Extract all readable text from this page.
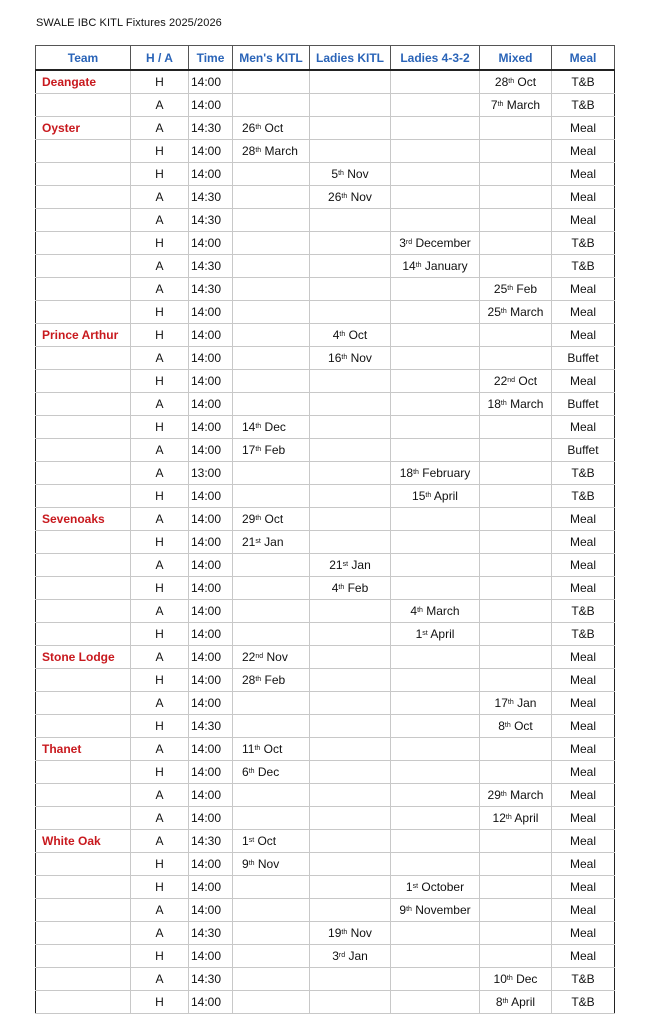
SWALE IBC KITL Fixtures 2025/2026
Team	H / A	Time	Men's KITL	Ladies KITL	Ladies 4-3-2	Mixed	Meal
Deangate	H	14:00				28th Oct	T&B
	A	14:00				7th March	T&B
Oyster	A	14:30	26th Oct				Meal
	H	14:00	28th March				Meal
	H	14:00		5th Nov			Meal
	A	14:30		26th Nov			Meal
	A	14:30					Meal
	H	14:00			3rd December		T&B
	A	14:30			14th January		T&B
	A	14:30				25th Feb	Meal
	H	14:00				25th March	Meal
Prince Arthur	H	14:00		4th Oct			Meal
	A	14:00		16th Nov			Buffet
	H	14:00				22nd Oct	Meal
	A	14:00				18th March	Buffet
	H	14:00	14th Dec				Meal
	A	14:00	17th Feb				Buffet
	A	13:00			18th February		T&B
	H	14:00			15th April		T&B
Sevenoaks	A	14:00	29th Oct				Meal
	H	14:00	21st Jan				Meal
	A	14:00		21st Jan			Meal
	H	14:00		4th Feb			Meal
	A	14:00			4th March		T&B
	H	14:00			1st April		T&B
Stone Lodge	A	14:00	22nd Nov				Meal
	H	14:00	28th Feb				Meal
	A	14:00				17th Jan	Meal
	H	14:30				8th Oct	Meal
Thanet	A	14:00	11th Oct				Meal
	H	14:00	6th Dec				Meal
	A	14:00				29th March	Meal
	A	14:00				12th April	Meal
White Oak	A	14:30	1st Oct				Meal
	H	14:00	9th Nov				Meal
	H	14:00			1st October		Meal
	A	14:00			9th November		Meal
	A	14:30		19th Nov			Meal
	H	14:00		3rd Jan			Meal
	A	14:30				10th Dec	T&B
	H	14:00				8th April	T&B
